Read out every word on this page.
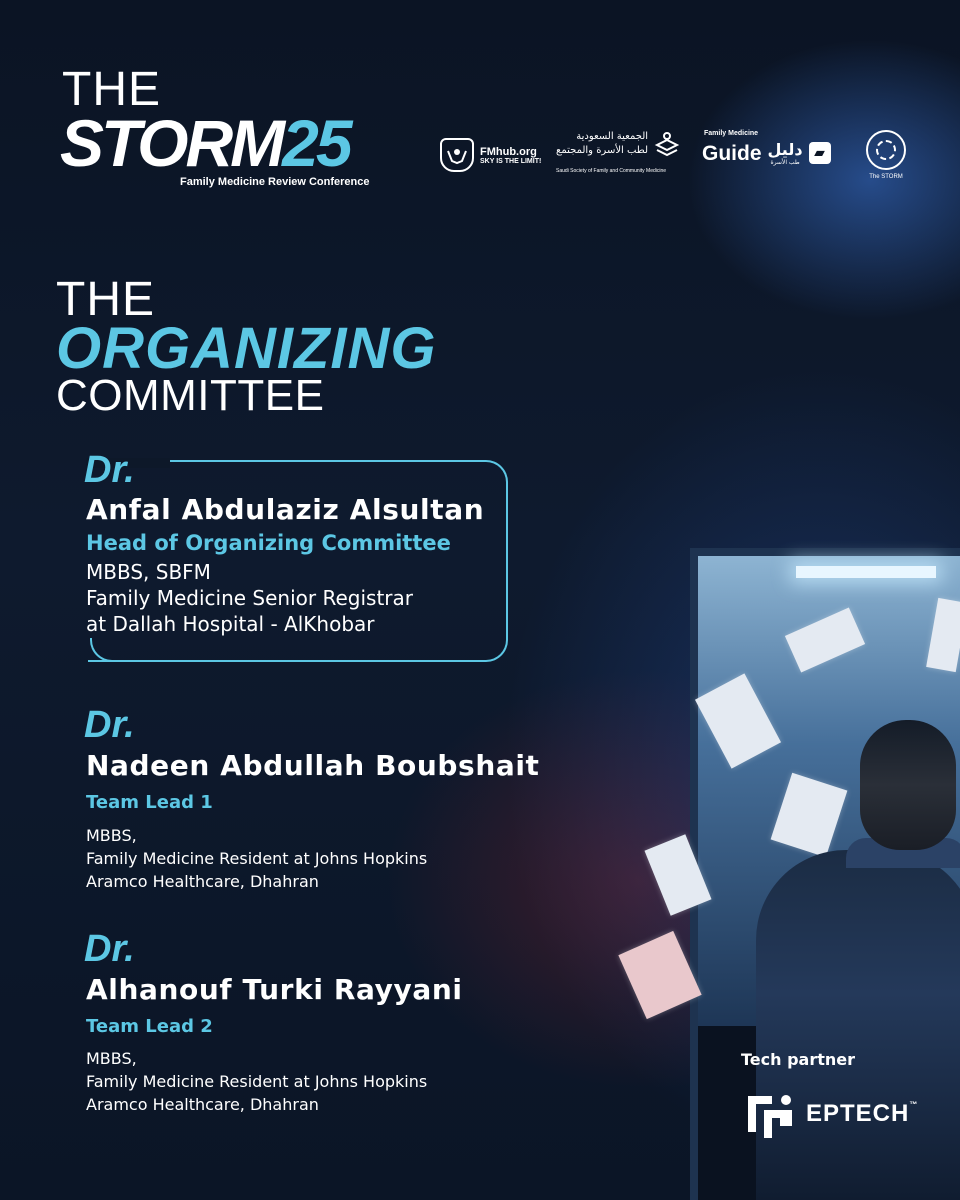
THE
STORM25
Family Medicine Review Conference
FMhub.org
SKY IS THE LIMIT!
الجمعية السعودية
لطب الأسرة والمجتمع
Saudi Society of Family and Community Medicine
Family Medicine
Guide دليل
طب الأسرة
▰
The STORM
THE
ORGANIZING
COMMITTEE
Dr.
Anfal Abdulaziz Alsultan
Head of Organizing Committee
MBBS, SBFM
Family Medicine Senior Registrar
at Dallah Hospital - AlKhobar
Dr.
Nadeen Abdullah Boubshait
Team Lead 1
MBBS,
Family Medicine Resident at Johns Hopkins
Aramco Healthcare, Dhahran
Dr.
Alhanouf Turki Rayyani
Team Lead 2
MBBS,
Family Medicine Resident at Johns Hopkins
Aramco Healthcare, Dhahran
Tech partner
EPTECH™
